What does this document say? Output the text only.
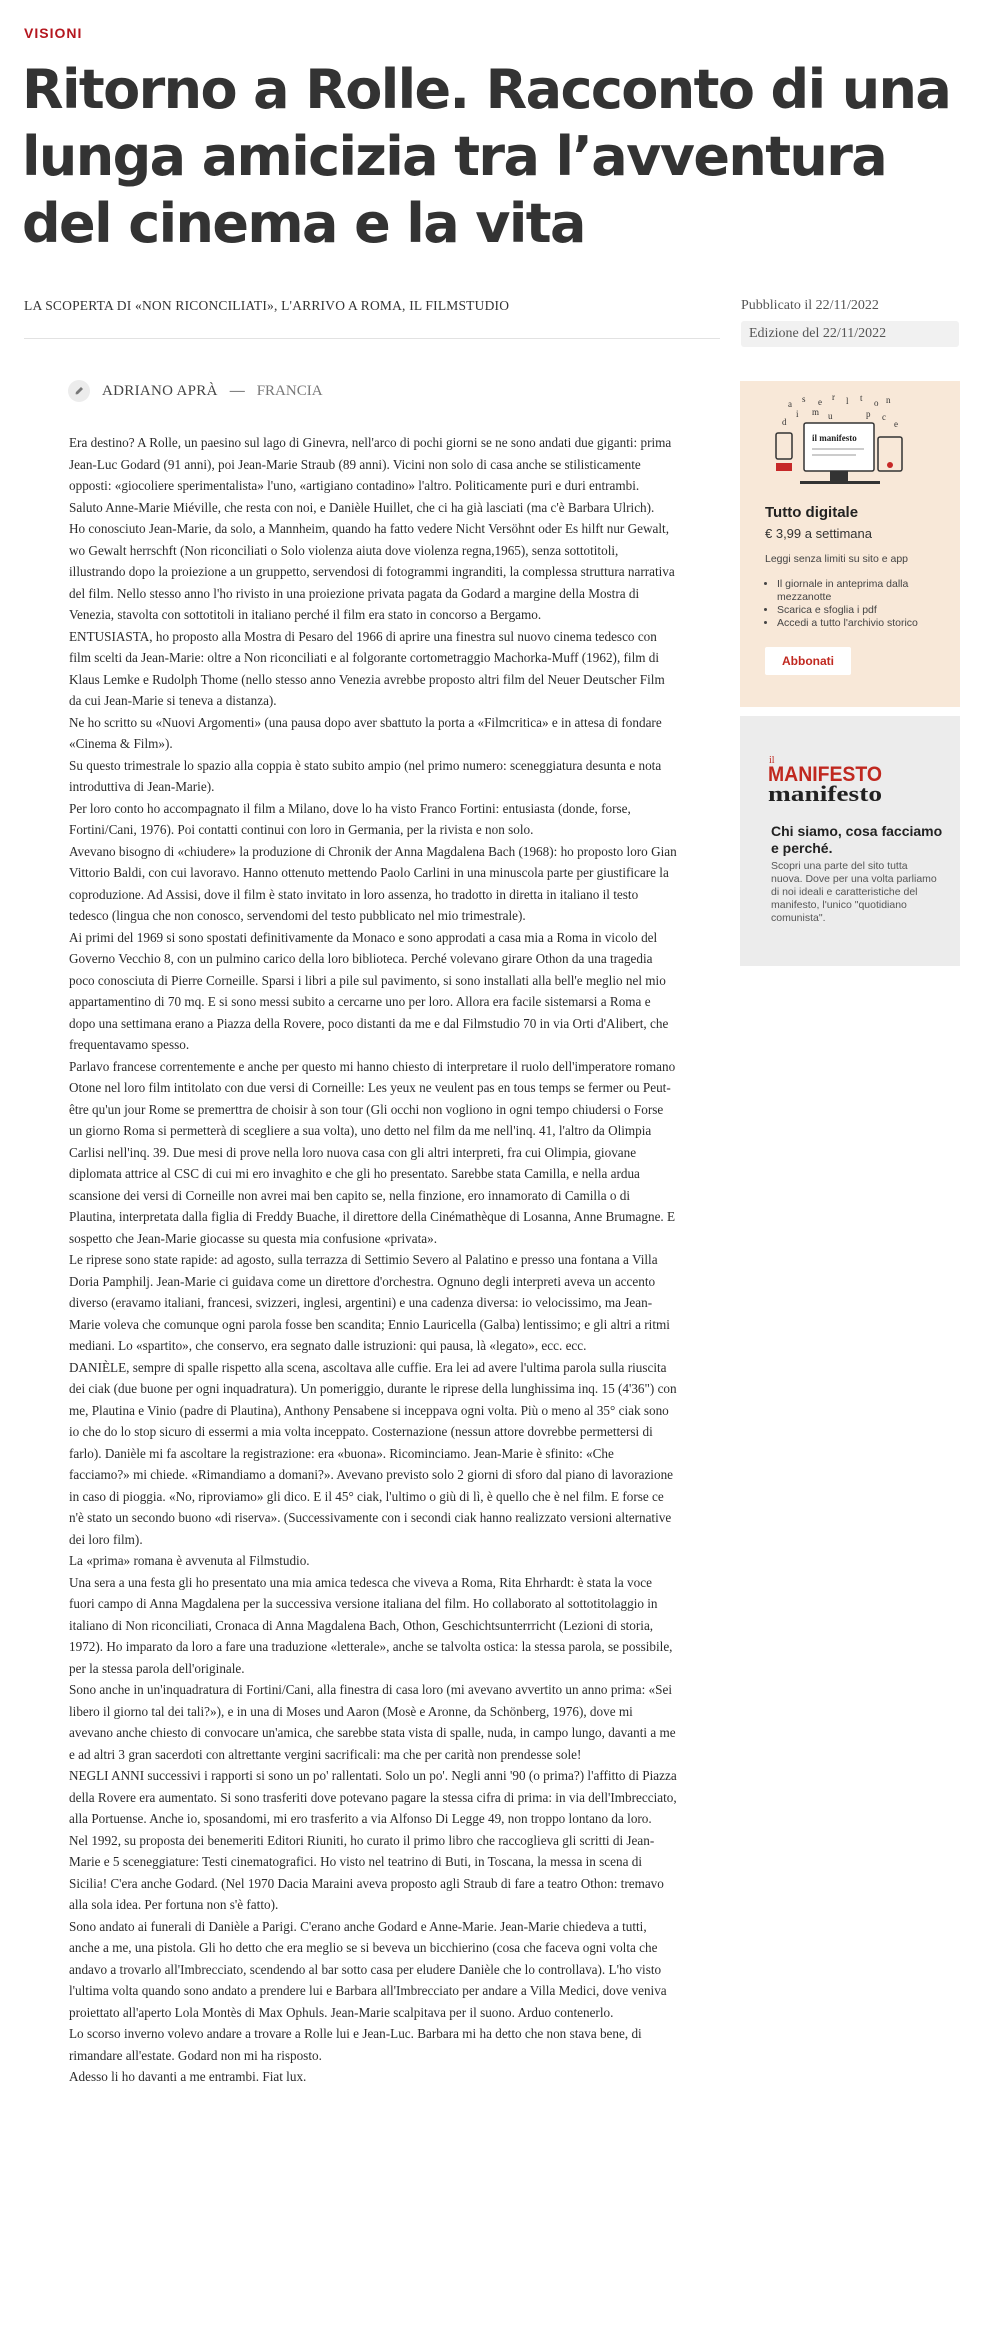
VISIONI
Ritorno a Rolle. Racconto di una lunga amicizia tra l’avventura del cinema e la vita
LA SCOPERTA DI «NON RICONCILIATI», L'ARRIVO A ROMA, IL FILMSTUDIO	Pubblicato il 22/11/2022
Edizione del 22/11/2022
ADRIANO APRÀ — FRANCIA

Era destino? A Rolle, un paesino sul lago di Ginevra, nell'arco di pochi giorni se ne sono andati due giganti: prima Jean-Luc Godard (91 anni), poi Jean-Marie Straub (89 anni). Vicini non solo di casa anche se stilisticamente opposti: «giocoliere sperimentalista» l'uno, «artigiano contadino» l'altro. Politicamente puri e duri entrambi.

Saluto Anne-Marie Miéville, che resta con noi, e Danièle Huillet, che ci ha già lasciati (ma c'è Barbara Ulrich).

Ho conosciuto Jean-Marie, da solo, a Mannheim, quando ha fatto vedere Nicht Versöhnt oder Es hilft nur Gewalt, wo Gewalt herrschft (Non riconciliati o Solo violenza aiuta dove violenza regna,1965), senza sottotitoli, illustrando dopo la proiezione a un gruppetto, servendosi di fotogrammi ingranditi, la complessa struttura narrativa del film. Nello stesso anno l'ho rivisto in una proiezione privata pagata da Godard a margine della Mostra di Venezia, stavolta con sottotitoli in italiano perché il film era stato in concorso a Bergamo.

ENTUSIASTA, ho proposto alla Mostra di Pesaro del 1966 di aprire una finestra sul nuovo cinema tedesco con film scelti da Jean-Marie: oltre a Non riconciliati e al folgorante cortometraggio Machorka-Muff (1962), film di Klaus Lemke e Rudolph Thome (nello stesso anno Venezia avrebbe proposto altri film del Neuer Deutscher Film da cui Jean-Marie si teneva a distanza).

Ne ho scritto su «Nuovi Argomenti» (una pausa dopo aver sbattuto la porta a «Filmcritica» e in attesa di fondare «Cinema & Film»).

Su questo trimestrale lo spazio alla coppia è stato subito ampio (nel primo numero: sceneggiatura desunta e nota introduttiva di Jean-Marie).

Per loro conto ho accompagnato il film a Milano, dove lo ha visto Franco Fortini: entusiasta (donde, forse, Fortini/Cani, 1976). Poi contatti continui con loro in Germania, per la rivista e non solo.

Avevano bisogno di «chiudere» la produzione di Chronik der Anna Magdalena Bach (1968): ho proposto loro Gian Vittorio Baldi, con cui lavoravo. Hanno ottenuto mettendo Paolo Carlini in una minuscola parte per giustificare la coproduzione. Ad Assisi, dove il film è stato invitato in loro assenza, ho tradotto in diretta in italiano il testo tedesco (lingua che non conosco, servendomi del testo pubblicato nel mio trimestrale).

Ai primi del 1969 si sono spostati definitivamente da Monaco e sono approdati a casa mia a Roma in vicolo del Governo Vecchio 8, con un pulmino carico della loro biblioteca. Perché volevano girare Othon da una tragedia poco conosciuta di Pierre Corneille. Sparsi i libri a pile sul pavimento, si sono installati alla bell'e meglio nel mio appartamentino di 70 mq. E si sono messi subito a cercarne uno per loro. Allora era facile sistemarsi a Roma e dopo una settimana erano a Piazza della Rovere, poco distanti da me e dal Filmstudio 70 in via Orti d'Alibert, che frequentavamo spesso.

Parlavo francese correntemente e anche per questo mi hanno chiesto di interpretare il ruolo dell'imperatore romano Otone nel loro film intitolato con due versi di Corneille: Les yeux ne veulent pas en tous temps se fermer ou Peut-être qu'un jour Rome se premerttra de choisir à son tour (Gli occhi non vogliono in ogni tempo chiudersi o Forse un giorno Roma si permetterà di scegliere a sua volta), uno detto nel film da me nell'inq. 41, l'altro da Olimpia Carlisi nell'inq. 39. Due mesi di prove nella loro nuova casa con gli altri interpreti, fra cui Olimpia, giovane diplomata attrice al CSC di cui mi ero invaghito e che gli ho presentato. Sarebbe stata Camilla, e nella ardua scansione dei versi di Corneille non avrei mai ben capito se, nella finzione, ero innamorato di Camilla o di Plautina, interpretata dalla figlia di Freddy Buache, il direttore della Cinémathèque di Losanna, Anne Brumagne. E sospetto che Jean-Marie giocasse su questa mia confusione «privata».

Le riprese sono state rapide: ad agosto, sulla terrazza di Settimio Severo al Palatino e presso una fontana a Villa Doria Pamphilj. Jean-Marie ci guidava come un direttore d'orchestra. Ognuno degli interpreti aveva un accento diverso (eravamo italiani, francesi, svizzeri, inglesi, argentini) e una cadenza diversa: io velocissimo, ma Jean-Marie voleva che comunque ogni parola fosse ben scandita; Ennio Lauricella (Galba) lentissimo; e gli altri a ritmi mediani. Lo «spartito», che conservo, era segnato dalle istruzioni: qui pausa, là «legato», ecc. ecc.

DANIÈLE, sempre di spalle rispetto alla scena, ascoltava alle cuffie. Era lei ad avere l'ultima parola sulla riuscita dei ciak (due buone per ogni inquadratura). Un pomeriggio, durante le riprese della lunghissima inq. 15 (4'36") con me, Plautina e Vinio (padre di Plautina), Anthony Pensabene si inceppava ogni volta. Più o meno al 35° ciak sono io che do lo stop sicuro di essermi a mia volta inceppato. Costernazione (nessun attore dovrebbe permettersi di farlo). Danièle mi fa ascoltare la registrazione: era «buona». Ricominciamo. Jean-Marie è sfinito: «Che facciamo?» mi chiede. «Rimandiamo a domani?». Avevano previsto solo 2 giorni di sforo dal piano di lavorazione in caso di pioggia. «No, riproviamo» gli dico. E il 45° ciak, l'ultimo o giù di lì, è quello che è nel film. E forse ce n'è stato un secondo buono «di riserva». (Successivamente con i secondi ciak hanno realizzato versioni alternative dei loro film).

La «prima» romana è avvenuta al Filmstudio.

Una sera a una festa gli ho presentato una mia amica tedesca che viveva a Roma, Rita Ehrhardt: è stata la voce fuori campo di Anna Magdalena per la successiva versione italiana del film. Ho collaborato al sottotitolaggio in italiano di Non riconciliati, Cronaca di Anna Magdalena Bach, Othon, Geschichtsunterrricht (Lezioni di storia, 1972). Ho imparato da loro a fare una traduzione «letterale», anche se talvolta ostica: la stessa parola, se possibile, per la stessa parola dell'originale.

Sono anche in un'inquadratura di Fortini/Cani, alla finestra di casa loro (mi avevano avvertito un anno prima: «Sei libero il giorno tal dei tali?»), e in una di Moses und Aaron (Mosè e Aronne, da Schönberg, 1976), dove mi avevano anche chiesto di convocare un'amica, che sarebbe stata vista di spalle, nuda, in campo lungo, davanti a me e ad altri 3 gran sacerdoti con altrettante vergini sacrificali: ma che per carità non prendesse sole!

NEGLI ANNI successivi i rapporti si sono un po' rallentati. Solo un po'. Negli anni '90 (o prima?) l'affitto di Piazza della Rovere era aumentato. Si sono trasferiti dove potevano pagare la stessa cifra di prima: in via dell'Imbrecciato, alla Portuense. Anche io, sposandomi, mi ero trasferito a via Alfonso Di Legge 49, non troppo lontano da loro.

Nel 1992, su proposta dei benemeriti Editori Riuniti, ho curato il primo libro che raccoglieva gli scritti di Jean-Marie e 5 sceneggiature: Testi cinematografici. Ho visto nel teatrino di Buti, in Toscana, la messa in scena di Sicilia! C'era anche Godard. (Nel 1970 Dacia Maraini aveva proposto agli Straub di fare a teatro Othon: tremavo alla sola idea. Per fortuna non s'è fatto).

Sono andato ai funerali di Danièle a Parigi. C'erano anche Godard e Anne-Marie. Jean-Marie chiedeva a tutti, anche a me, una pistola. Gli ho detto che era meglio se si beveva un bicchierino (cosa che faceva ogni volta che andavo a trovarlo all'Imbrecciato, scendendo al bar sotto casa per eludere Danièle che lo controllava). L'ho visto l'ultima volta quando sono andato a prendere lui e Barbara all'Imbrecciato per andare a Villa Medici, dove veniva proiettato all'aperto Lola Montès di Max Ophuls. Jean-Marie scalpitava per il suono. Arduo contenerlo.

Lo scorso inverno volevo andare a trovare a Rolle lui e Jean-Luc. Barbara mi ha detto che non stava bene, di rimandare all'estate. Godard non mi ha risposto.

Adesso li ho davanti a me entrambi. Fiat lux.

a s e r l t o n
i m u	p c
d	e
il manifesto
Tutto digitale
€ 3,99 a settimana
Leggi senza limiti su sito e app
• Il giornale in anteprima dalla mezzanotte
• Scarica e sfoglia i pdf
• Accedi a tutto l'archivio storico
Abbonati
il
MANIFESTO
manifesto
Chi siamo, cosa facciamo e perché.
Scopri una parte del sito tutta nuova. Dove per una volta parliamo di noi ideali e caratteristiche del manifesto, l'unico "quotidiano comunista".
